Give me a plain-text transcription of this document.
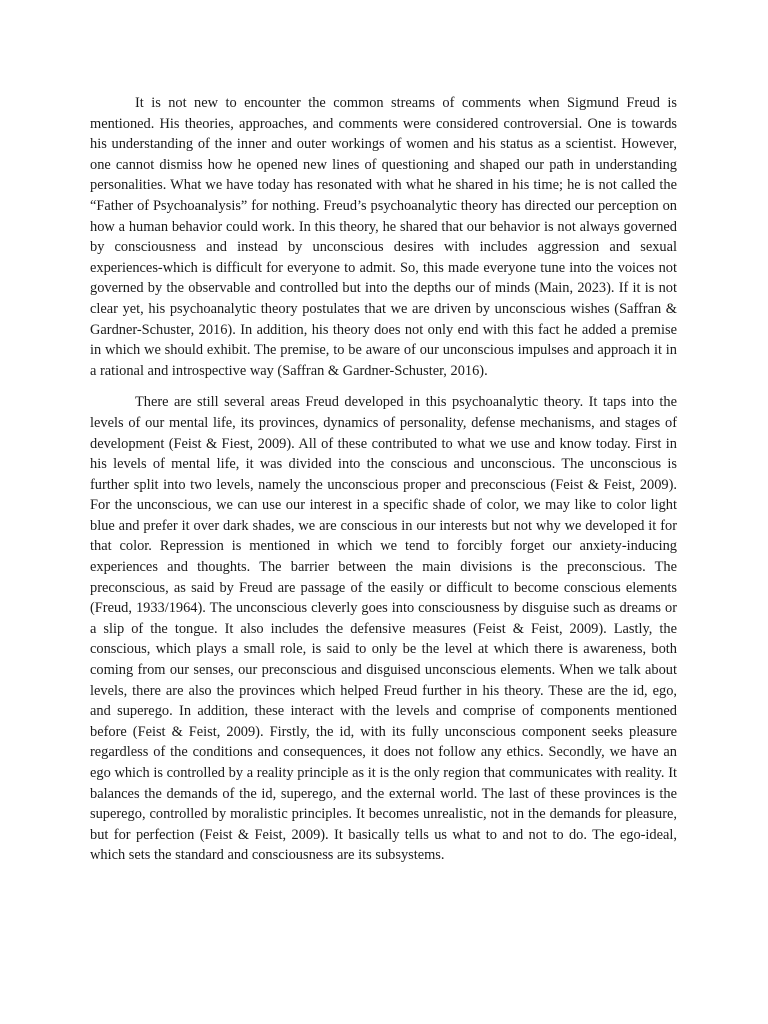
It is not new to encounter the common streams of comments when Sigmund Freud is mentioned. His theories, approaches, and comments were considered controversial. One is towards his understanding of the inner and outer workings of women and his status as a scientist. However, one cannot dismiss how he opened new lines of questioning and shaped our path in understanding personalities. What we have today has resonated with what he shared in his time; he is not called the “Father of Psychoanalysis” for nothing. Freud’s psychoanalytic theory has directed our perception on how a human behavior could work. In this theory, he shared that our behavior is not always governed by consciousness and instead by unconscious desires with includes aggression and sexual experiences-which is difficult for everyone to admit. So, this made everyone tune into the voices not governed by the observable and controlled but into the depths our of minds (Main, 2023). If it is not clear yet, his psychoanalytic theory postulates that we are driven by unconscious wishes (Saffran & Gardner-Schuster, 2016). In addition, his theory does not only end with this fact he added a premise in which we should exhibit. The premise, to be aware of our unconscious impulses and approach it in a rational and introspective way (Saffran & Gardner-Schuster, 2016).

There are still several areas Freud developed in this psychoanalytic theory. It taps into the levels of our mental life, its provinces, dynamics of personality, defense mechanisms, and stages of development (Feist & Fiest, 2009). All of these contributed to what we use and know today. First in his levels of mental life, it was divided into the conscious and unconscious. The unconscious is further split into two levels, namely the unconscious proper and preconscious (Feist & Feist, 2009). For the unconscious, we can use our interest in a specific shade of color, we may like to color light blue and prefer it over dark shades, we are conscious in our interests but not why we developed it for that color. Repression is mentioned in which we tend to forcibly forget our anxiety-inducing experiences and thoughts. The barrier between the main divisions is the preconscious. The preconscious, as said by Freud are passage of the easily or difficult to become conscious elements (Freud, 1933/1964). The unconscious cleverly goes into consciousness by disguise such as dreams or a slip of the tongue. It also includes the defensive measures (Feist & Feist, 2009). Lastly, the conscious, which plays a small role, is said to only be the level at which there is awareness, both coming from our senses, our preconscious and disguised unconscious elements. When we talk about levels, there are also the provinces which helped Freud further in his theory. These are the id, ego, and superego. In addition, these interact with the levels and comprise of components mentioned before (Feist & Feist, 2009). Firstly, the id, with its fully unconscious component seeks pleasure regardless of the conditions and consequences, it does not follow any ethics. Secondly, we have an ego which is controlled by a reality principle as it is the only region that communicates with reality. It balances the demands of the id, superego, and the external world. The last of these provinces is the superego, controlled by moralistic principles. It becomes unrealistic, not in the demands for pleasure, but for perfection (Feist & Feist, 2009). It basically tells us what to and not to do. The ego-ideal, which sets the standard and consciousness are its subsystems.
